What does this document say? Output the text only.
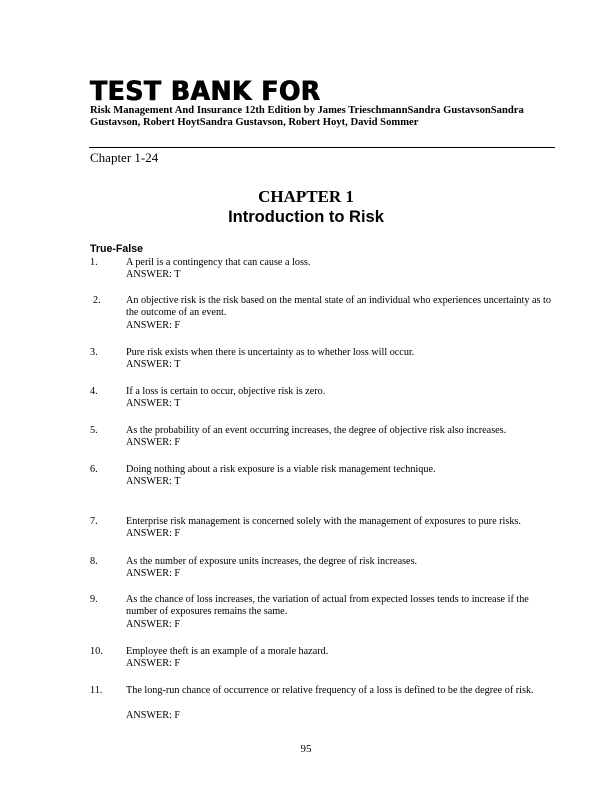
TEST BANK FOR
Risk Management And Insurance 12th Edition by James TrieschmannSandra GustavsonSandra Gustavson, Robert HoytSandra Gustavson, Robert Hoyt, David Sommer
Chapter 1-24
CHAPTER 1
Introduction to Risk
True-False
1.	A peril is a contingency that can cause a loss.
ANSWER: T
2. An objective risk is the risk based on the mental state of an individual who experiences uncertainty as to the outcome of an event.
ANSWER: F
3.	Pure risk exists when there is uncertainty as to whether loss will occur.
ANSWER: T
4.	If a loss is certain to occur, objective risk is zero.
ANSWER: T
5.	As the probability of an event occurring increases, the degree of objective risk also increases.
ANSWER: F
6.	Doing nothing about a risk exposure is a viable risk management technique.
ANSWER: T
7.	Enterprise risk management is concerned solely with the management of exposures to pure risks.
ANSWER: F
8.	As the number of exposure units increases, the degree of risk increases.
ANSWER: F
9.	As the chance of loss increases, the variation of actual from expected losses tends to increase if the number of exposures remains the same.
ANSWER: F
10. Employee theft is an example of a morale hazard.
ANSWER: F
11. The long-run chance of occurrence or relative frequency of a loss is defined to be the degree of risk.
ANSWER: F
95
